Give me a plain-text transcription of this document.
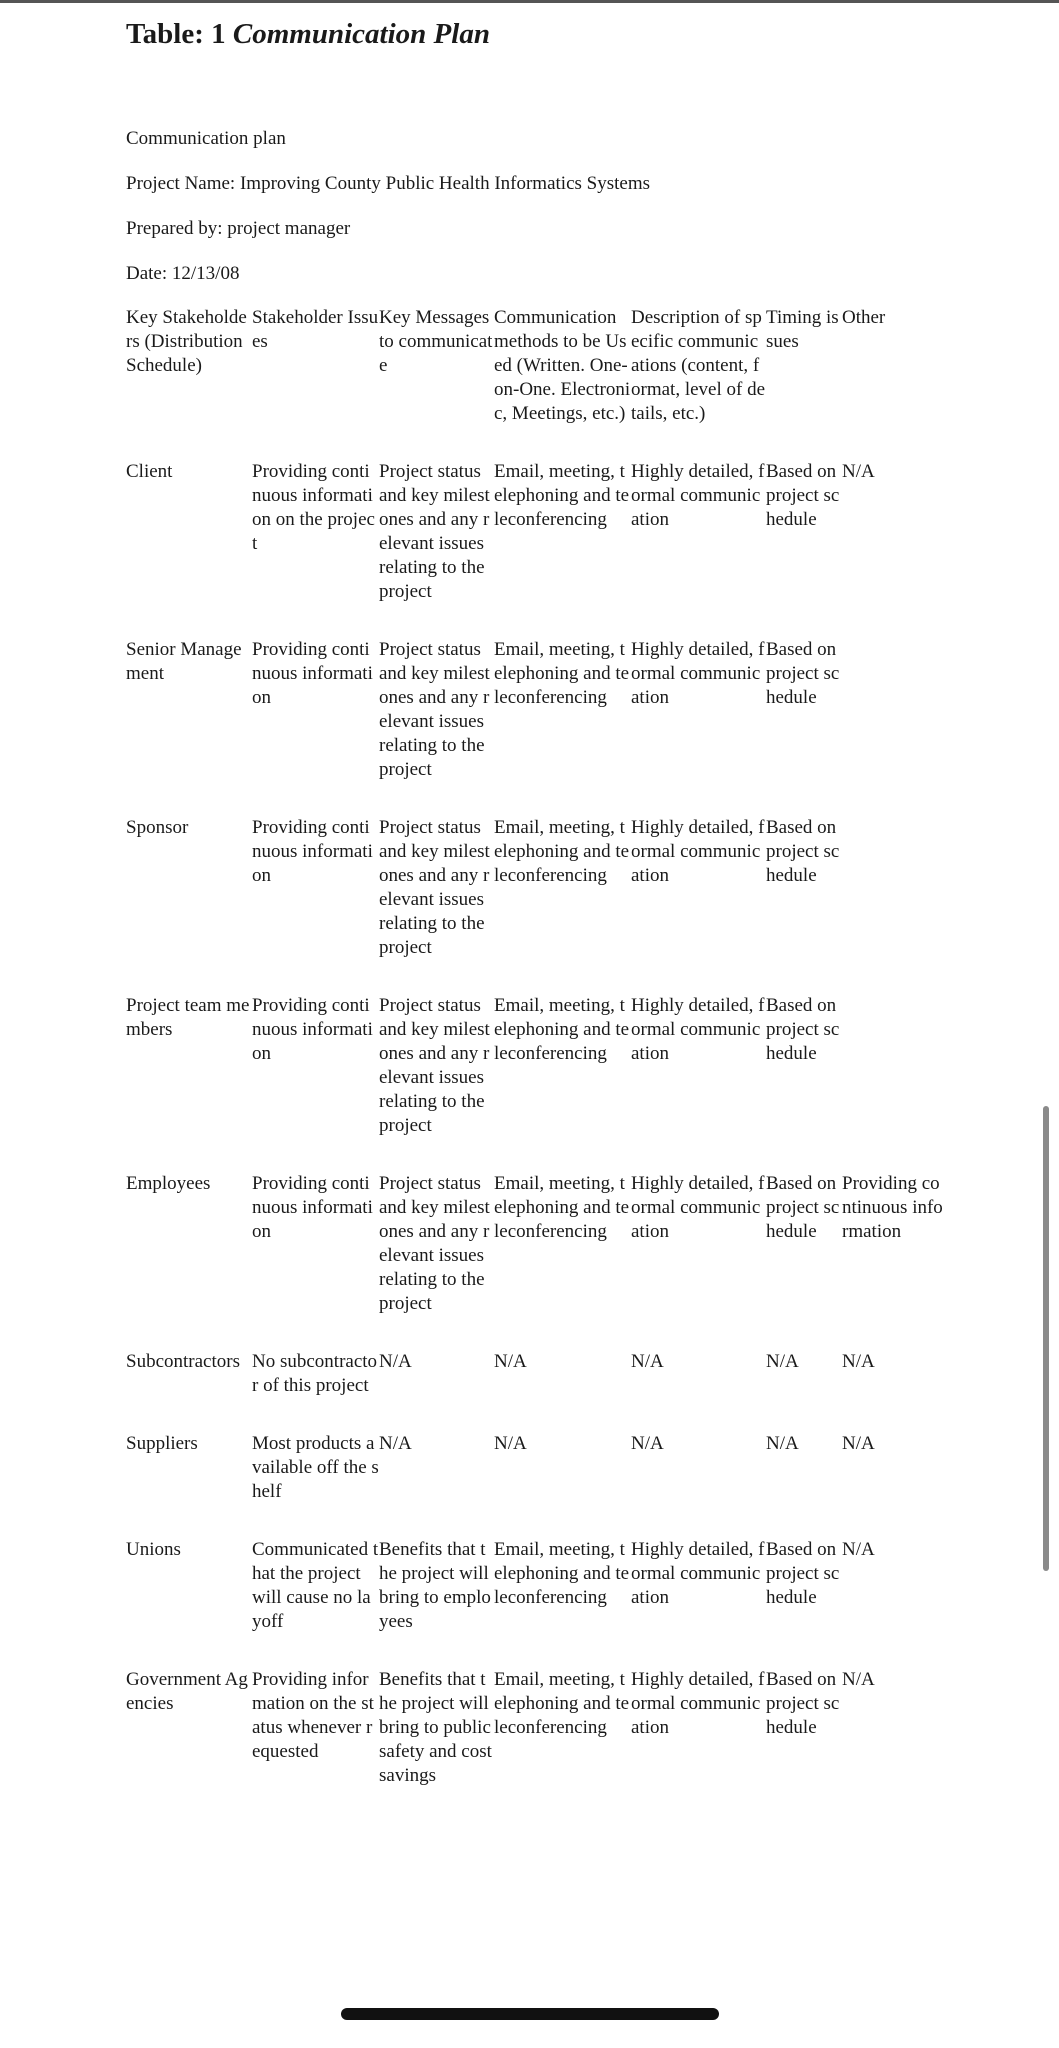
Table: 1 Communication Plan

Communication plan

Project Name: Improving County Public Health Informatics Systems

Prepared by: project manager

Date: 12/13/08

Key Stakeholders (Distribution Schedule)	Stakeholder Issues	Key Messages to communicate	Communication methods to be Used (Written. One-on-One. Electronic, Meetings, etc.)	Description of specific communications (content, format, level of details, etc.)	Timing issues	Other
Client	Providing continuous information on the project	Project status and key milestones and any relevant issues relating to the project	Email, meeting, telephoning and teleconferencing	Highly detailed, formal communication	Based on project schedule	N/A
Senior Management	Providing continuous information	Project status and key milestones and any relevant issues relating to the project	Email, meeting, telephoning and teleconferencing	Highly detailed, formal communication	Based on project schedule	
Sponsor	Providing continuous information	Project status and key milestones and any relevant issues relating to the project	Email, meeting, telephoning and teleconferencing	Highly detailed, formal communication	Based on project schedule	
Project team members	Providing continuous information	Project status and key milestones and any relevant issues relating to the project	Email, meeting, telephoning and teleconferencing	Highly detailed, formal communication	Based on project schedule	
Employees	Providing continuous information	Project status and key milestones and any relevant issues relating to the project	Email, meeting, telephoning and teleconferencing	Highly detailed, formal communication	Based on project schedule	Providing continuous information
Subcontractors	No subcontractor of this project	N/A	N/A	N/A	N/A	N/A
Suppliers	Most products available off the shelf	N/A	N/A	N/A	N/A	N/A
Unions	Communicated that the project will cause no layoff	Benefits that the project will bring to employees	Email, meeting, telephoning and teleconferencing	Highly detailed, formal communication	Based on project schedule	N/A
Government Agencies	Providing information on the status whenever requested	Benefits that the project will bring to public safety and cost savings	Email, meeting, telephoning and teleconferencing	Highly detailed, formal communication	Based on project schedule	N/A
